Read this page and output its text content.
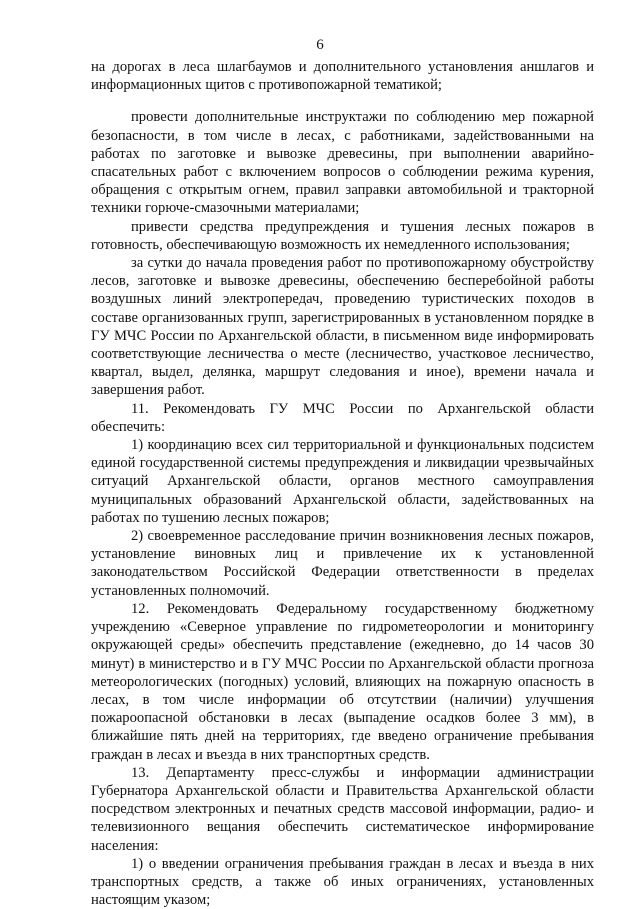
6

на дорогах в леса шлагбаумов и дополнительного установления аншлагов и информационных щитов с противопожарной тематикой;

провести дополнительные инструктажи по соблюдению мер пожарной безопасности, в том числе в лесах, с работниками, задействованными на работах по заготовке и вывозке древесины, при выполнении аварийно-спасательных работ с включением вопросов о соблюдении режима курения, обращения с открытым огнем, правил заправки автомобильной и тракторной техники горюче-смазочными материалами;

привести средства предупреждения и тушения лесных пожаров в готовность, обеспечивающую возможность их немедленного использования;

за сутки до начала проведения работ по противопожарному обустройству лесов, заготовке и вывозке древесины, обеспечению бесперебойной работы воздушных линий электропередач, проведению туристических походов в составе организованных групп, зарегистрированных в установленном порядке в ГУ МЧС России по Архангельской области, в письменном виде информировать соответствующие лесничества о месте (лесничество, участковое лесничество, квартал, выдел, делянка, маршрут следования и иное), времени начала и завершения работ.

11. Рекомендовать ГУ МЧС России по Архангельской области обеспечить:

1) координацию всех сил территориальной и функциональных подсистем единой государственной системы предупреждения и ликвидации чрезвычайных ситуаций Архангельской области, органов местного самоуправления муниципальных образований Архангельской области, задействованных на работах по тушению лесных пожаров;

2) своевременное расследование причин возникновения лесных пожаров, установление виновных лиц и привлечение их к установленной законодательством Российской Федерации ответственности в пределах установленных полномочий.

12. Рекомендовать Федеральному государственному бюджетному учреждению «Северное управление по гидрометеорологии и мониторингу окружающей среды» обеспечить представление (ежедневно, до 14 часов 30 минут) в министерство и в ГУ МЧС России по Архангельской области прогноза метеорологических (погодных) условий, влияющих на пожарную опасность в лесах, в том числе информации об отсутствии (наличии) улучшения пожароопасной обстановки в лесах (выпадение осадков более 3 мм), в ближайшие пять дней на территориях, где введено ограничение пребывания граждан в лесах и въезда в них транспортных средств.

13. Департаменту пресс-службы и информации администрации Губернатора Архангельской области и Правительства Архангельской области посредством электронных и печатных средств массовой информации, радио- и телевизионного вещания обеспечить систематическое информирование населения:

1) о введении ограничения пребывания граждан в лесах и въезда в них транспортных средств, а также об иных ограничениях, установленных настоящим указом;
